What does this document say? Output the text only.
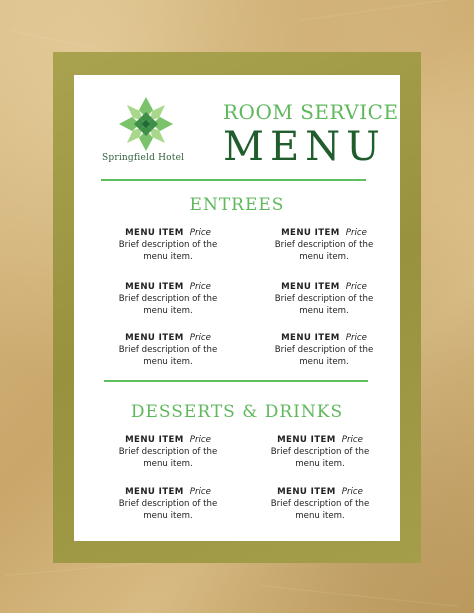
Springfield Hotel
ROOM SERVICE
MENU
ENTREES
MENU ITEM Price
Brief description of the menu item.
MENU ITEM Price
Brief description of the menu item.
MENU ITEM Price
Brief description of the menu item.
MENU ITEM Price
Brief description of the menu item.
MENU ITEM Price
Brief description of the menu item.
MENU ITEM Price
Brief description of the menu item.
DESSERTS & DRINKS
MENU ITEM Price
Brief description of the menu item.
MENU ITEM Price
Brief description of the menu item.
MENU ITEM Price
Brief description of the menu item.
MENU ITEM Price
Brief description of the menu item.
